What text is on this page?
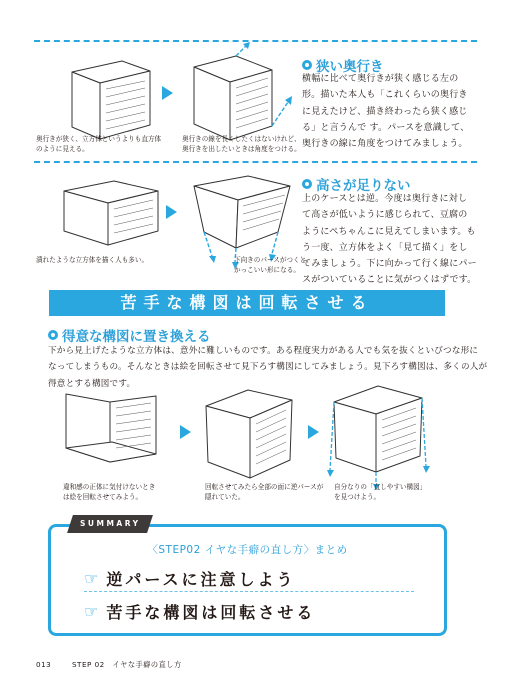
奥行きが狭く、立方体というよりも直方体
のように見える。
奥行きの線を長くしたくはないけれど、
奥行きを出したいときは角度をつける。
狭い奥行き
横幅に比べて奥行きが狭く感じる左の
形。描いた本人も「これくらいの奥行き
に見えたけど、描き終わったら狭く感じ
る」と言うんで す。パースを意識して、
奥行きの線に角度をつけてみましょう。
潰れたような立方体を描く人も多い。	下向きのパースがつくと、
かっこいい形になる。
高さが足りない
上のケースとは逆。今度は奥行きに対し
て高さが低いように感じられて、豆腐の
ようにぺちゃんこに見えてしまいます。も
う一度、立方体をよく「見て描く」をし
てみましょう。下に向かって行く線にパー
スがついていることに気がつくはずです。
苦手な構図は回転させる
得意な構図に置き換える
下から見上げたような立方体は、意外に難しいものです。ある程度実力がある人でも気を抜くといびつな形に
なってしまうもの。そんなときは絵を回転させて見下ろす構図にしてみましょう。見下ろす構図は、多くの人が
得意とする構図です。
違和感の正体に気付けないとき
は絵を回転させてみよう。
回転させてみたら全部の面に逆パースが
隠れていた。
自分なりの「直しやすい構図」
を見つけよう。
SUMMARY
〈STEP02 イヤな手癖の直し方〉まとめ
☞ 逆パースに注意しよう
☞ 苦手な構図は回転させる
013	STEP 02　イヤな手癖の直し方
